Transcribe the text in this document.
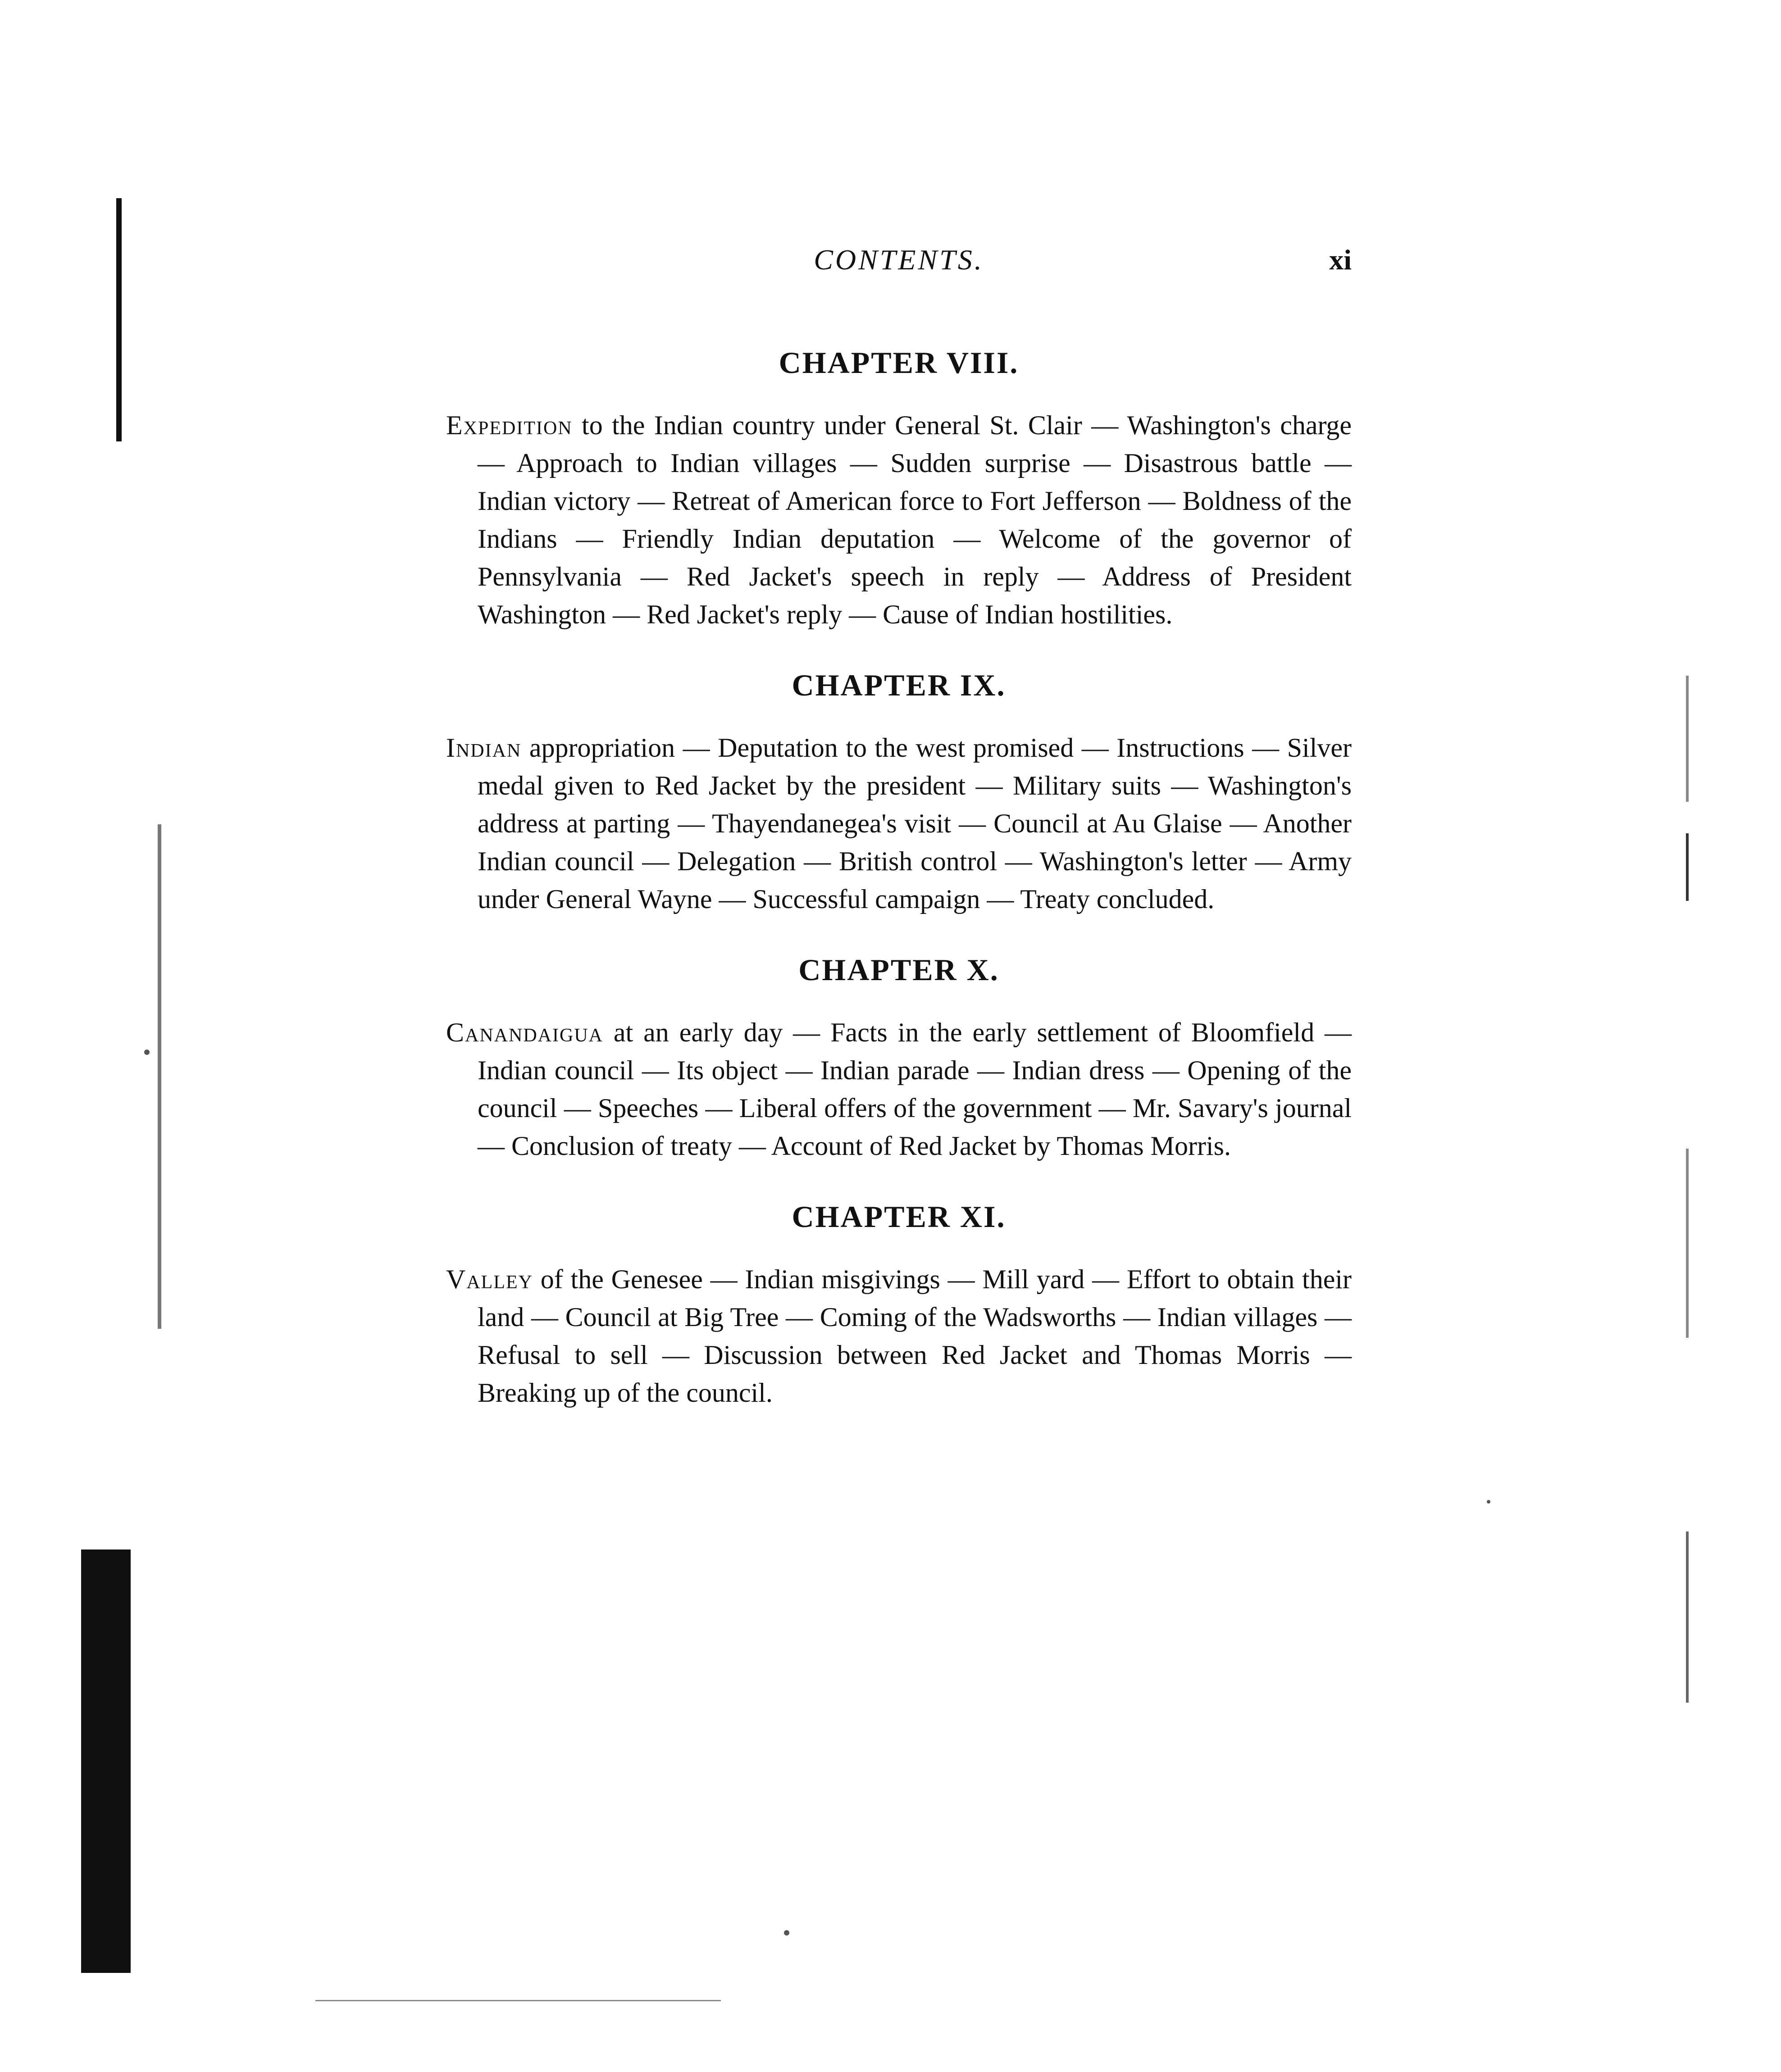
CONTENTS.	xi
CHAPTER VIII.

Expedition to the Indian country under General St. Clair — Washington's charge — Approach to Indian villages — Sudden surprise — Disastrous battle — Indian victory — Retreat of American force to Fort Jefferson — Boldness of the Indians — Friendly Indian deputation — Welcome of the governor of Pennsylvania — Red Jacket's speech in reply — Address of President Washington — Red Jacket's reply — Cause of Indian hostilities.

CHAPTER IX.

Indian appropriation — Deputation to the west promised — Instructions — Silver medal given to Red Jacket by the president — Military suits — Washington's address at parting — Thayendanegea's visit — Council at Au Glaise — Another Indian council — Delegation — British control — Washington's letter — Army under General Wayne — Successful campaign — Treaty concluded.

CHAPTER X.

Canandaigua at an early day — Facts in the early settlement of Bloomfield — Indian council — Its object — Indian parade — Indian dress — Opening of the council — Speeches — Liberal offers of the government — Mr. Savary's journal — Conclusion of treaty — Account of Red Jacket by Thomas Morris.

CHAPTER XI.

Valley of the Genesee — Indian misgivings — Mill yard — Effort to obtain their land — Council at Big Tree — Coming of the Wadsworths — Indian villages — Refusal to sell — Discussion between Red Jacket and Thomas Morris — Breaking up of the council.
